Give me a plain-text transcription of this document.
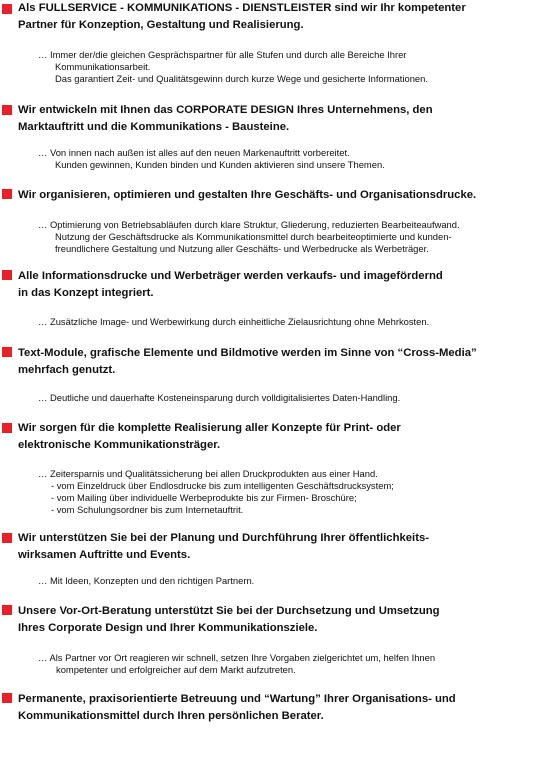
Als FULLSERVICE - KOMMUNIKATIONS - DIENSTLEISTER sind wir Ihr kompetenter
Partner für Konzeption, Gestaltung und Realisierung.
… Immer der/die gleichen Gesprächspartner für alle Stufen und durch alle Bereiche Ihrer
Kommunikationsarbeit.
Das garantiert Zeit- und Qualitätsgewinn durch kurze Wege und gesicherte Informationen.
Wir entwickeln mit Ihnen das CORPORATE DESIGN Ihres Unternehmens, den
Marktauftritt und die Kommunikations - Bausteine.
… Von innen nach außen ist alles auf den neuen Markenauftritt vorbereitet.
Kunden gewinnen, Kunden binden und Kunden aktivieren sind unsere Themen.
Wir organisieren, optimieren und gestalten Ihre Geschäfts- und Organisationsdrucke.
… Optimierung von Betriebsabläufen durch klare Struktur, Gliederung, reduzierten Bearbeiteaufwand.
Nutzung der Geschäftsdrucke als Kommunikationsmittel durch bearbeiteoptimierte und kunden-
freundlichere Gestaltung und Nutzung aller Geschäfts- und Werbedrucke als Werbeträger.
Alle Informationsdrucke und Werbeträger werden verkaufs- und imagefördernd
in das Konzept integriert.
… Zusätzliche Image- und Werbewirkung durch einheitliche Zielausrichtung ohne Mehrkosten.
Text-Module, grafische Elemente und Bildmotive werden im Sinne von “Cross-Media”
mehrfach genutzt.
… Deutliche und dauerhafte Kosteneinsparung durch volldigitalisiertes Daten-Handling.
Wir sorgen für die komplette Realisierung aller Konzepte für Print- oder
elektronische Kommunikationsträger.
… Zeitersparnis und Qualitätssicherung bei allen Druckprodukten aus einer Hand.
- vom Einzeldruck über Endlosdrucke bis zum intelligenten Geschäftsdrucksystem;
- vom Mailing über individuelle Werbeprodukte bis zur Firmen- Broschüre;
- vom Schulungsordner bis zum Internetauftrit.
Wir unterstützen Sie bei der Planung und Durchführung Ihrer öffentlichkeits-
wirksamen Auftritte und Events.
… Mit Ideen, Konzepten und den richtigen Partnern.
Unsere Vor-Ort-Beratung unterstützt Sie bei der Durchsetzung und Umsetzung
Ihres Corporate Design und Ihrer Kommunikationsziele.
… Als Partner vor Ort reagieren wir schnell, setzen Ihre Vorgaben zielgerichtet um, helfen Ihnen
kompetenter und erfolgreicher auf dem Markt aufzutreten.
Permanente, praxisorientierte Betreuung und “Wartung” Ihrer Organisations- und
Kommunikationsmittel durch Ihren persönlichen Berater.
